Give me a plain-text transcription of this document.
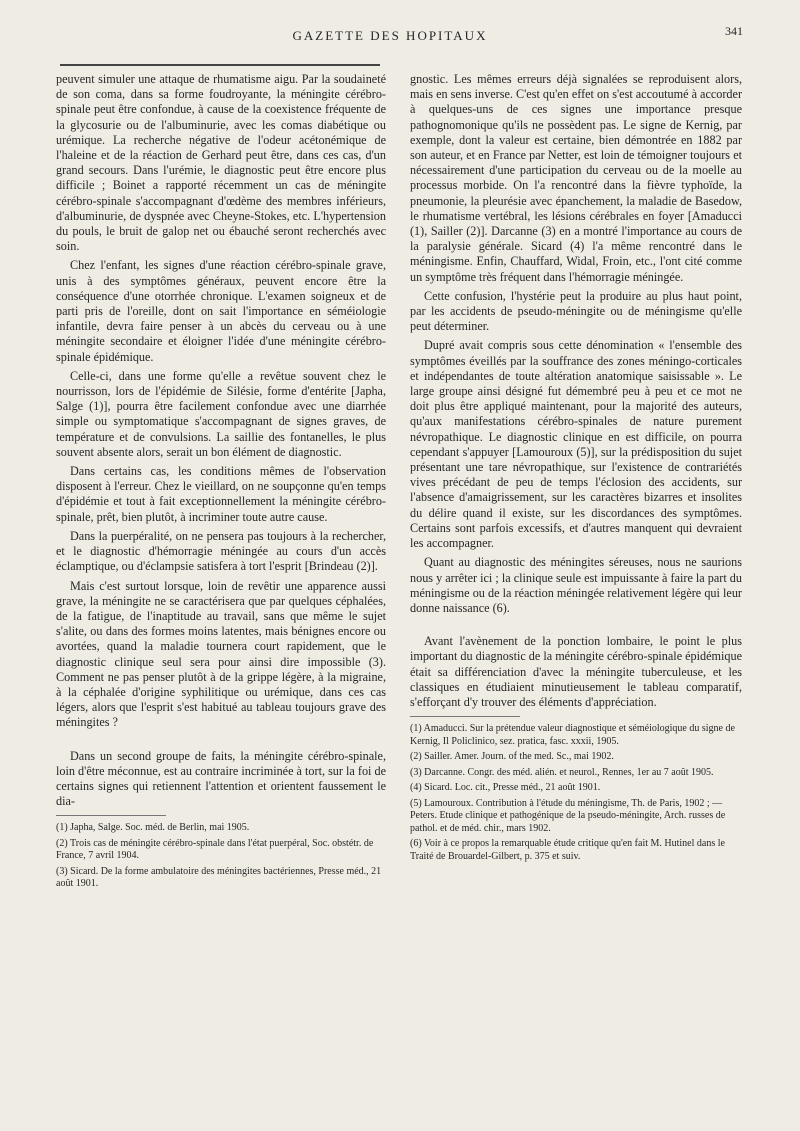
GAZETTE DES HOPITAUX	341

peuvent simuler une attaque de rhumatisme aigu. Par la soudaineté de son coma, dans sa forme foudroyante, la méningite cérébro-spinale peut être confondue, à cause de la coexistence fréquente de la glycosurie ou de l'albuminurie, avec les comas diabétique ou urémique. La recherche négative de l'odeur acétonémique de l'haleine et de la réaction de Gerhard peut être, dans ces cas, d'un grand secours. Dans l'urémie, le diagnostic peut être encore plus difficile ; Boinet a rapporté récemment un cas de méningite cérébro-spinale s'accompagnant d'œdème des membres inférieurs, d'albuminurie, de dyspnée avec Cheyne-Stokes, etc. L'hypertension du pouls, le bruit de galop net ou ébauché seront recherchés avec soin.

Chez l'enfant, les signes d'une réaction cérébro-spinale grave, unis à des symptômes généraux, peuvent encore être la conséquence d'une otorrhée chronique. L'examen soigneux et de parti pris de l'oreille, dont on sait l'importance en séméiologie infantile, devra faire penser à un abcès du cerveau ou à une méningite secondaire et éloigner l'idée d'une méningite cérébro-spinale épidémique.

Celle-ci, dans une forme qu'elle a revêtue souvent chez le nourrisson, lors de l'épidémie de Silésie, forme d'entérite [Japha, Salge (1)], pourra être facilement confondue avec une diarrhée simple ou symptomatique s'accompagnant de signes graves, de température et de convulsions. La saillie des fontanelles, le plus souvent absente alors, serait un bon élément de diagnostic.

Dans certains cas, les conditions mêmes de l'observation disposent à l'erreur. Chez le vieillard, on ne soupçonne qu'en temps d'épidémie et tout à fait exceptionnellement la méningite cérébro-spinale, prêt, bien plutôt, à incriminer toute autre cause.

Dans la puerpéralité, on ne pensera pas toujours à la rechercher, et le diagnostic d'hémorragie méningée au cours d'un accès éclamptique, ou d'éclampsie satisfera à tort l'esprit [Brindeau (2)].

Mais c'est surtout lorsque, loin de revêtir une apparence aussi grave, la méningite ne se caractérisera que par quelques céphalées, de la fatigue, de l'inaptitude au travail, sans que même le sujet s'alite, ou dans des formes moins latentes, mais bénignes encore ou avortées, quand la maladie tournera court rapidement, que le diagnostic clinique seul sera pour ainsi dire impossible (3). Comment ne pas penser plutôt à de la grippe légère, à la migraine, à la céphalée d'origine syphilitique ou urémique, dans ces cas légers, alors que l'esprit s'est habitué au tableau toujours grave des méningites ?

Dans un second groupe de faits, la méningite cérébro-spinale, loin d'être méconnue, est au contraire incriminée à tort, sur la foi de certains signes qui retiennent l'attention et orientent faussement le dia-

(1) Japha, Salge. Soc. méd. de Berlin, mai 1905.
(2) Trois cas de méningite cérébro-spinale dans l'état puerpéral, Soc. obstétr. de France, 7 avril 1904.
(3) Sicard. De la forme ambulatoire des méningites bactériennes, Presse méd., 21 août 1901.

gnostic. Les mêmes erreurs déjà signalées se reproduisent alors, mais en sens inverse. C'est qu'en effet on s'est accoutumé à accorder à quelques-uns de ces signes une importance presque pathognomonique qu'ils ne possèdent pas. Le signe de Kernig, par exemple, dont la valeur est certaine, bien démontrée en 1882 par son auteur, et en France par Netter, est loin de témoigner toujours et nécessairement d'une participation du cerveau ou de la moelle au processus morbide. On l'a rencontré dans la fièvre typhoïde, la pneumonie, la pleurésie avec épanchement, la maladie de Basedow, le rhumatisme vertébral, les lésions cérébrales en foyer [Amaducci (1), Sailler (2)]. Darcanne (3) en a montré l'importance au cours de la paralysie générale. Sicard (4) l'a même rencontré dans le méningisme. Enfin, Chauffard, Widal, Froin, etc., l'ont cité comme un symptôme très fréquent dans l'hémorragie méningée.

Cette confusion, l'hystérie peut la produire au plus haut point, par les accidents de pseudo-méningite ou de méningisme qu'elle peut déterminer.

Dupré avait compris sous cette dénomination « l'ensemble des symptômes éveillés par la souffrance des zones méningo-corticales et indépendantes de toute altération anatomique saisissable ». Le large groupe ainsi désigné fut démembré peu à peu et ce mot ne doit plus être appliqué maintenant, pour la majorité des auteurs, qu'aux manifestations cérébro-spinales de nature purement névropathique. Le diagnostic clinique en est difficile, on pourra cependant s'appuyer [Lamouroux (5)], sur la prédisposition du sujet présentant une tare névropathique, sur l'existence de contrariétés vives précédant de peu de temps l'éclosion des accidents, sur l'absence d'amaigrissement, sur les caractères bizarres et insolites du délire quand il existe, sur les discordances des symptômes. Certains sont parfois excessifs, et d'autres manquent qui devraient les accompagner.

Quant au diagnostic des méningites séreuses, nous ne saurions nous y arrêter ici ; la clinique seule est impuissante à faire la part du méningisme ou de la réaction méningée relativement légère qui leur donne naissance (6).

Avant l'avènement de la ponction lombaire, le point le plus important du diagnostic de la méningite cérébro-spinale épidémique était sa différenciation d'avec la méningite tuberculeuse, et les classiques en étudiaient minutieusement le tableau comparatif, s'efforçant d'y trouver des éléments d'appréciation.

(1) Amaducci. Sur la prétendue valeur diagnostique et séméiologique du signe de Kernig, Il Policlinico, sez. pratica, fasc. xxxii, 1905.
(2) Sailler. Amer. Journ. of the med. Sc., mai 1902.
(3) Darcanne. Congr. des méd. alién. et neurol., Rennes, 1er au 7 août 1905.
(4) Sicard. Loc. cit., Presse méd., 21 août 1901.
(5) Lamouroux. Contribution à l'étude du méningisme, Th. de Paris, 1902 ; — Peters. Etude clinique et pathogénique de la pseudo-méningite, Arch. russes de pathol. et de méd. chir., mars 1902.
(6) Voir à ce propos la remarquable étude critique qu'en fait M. Hutinel dans le Traité de Brouardel-Gilbert, p. 375 et suiv.
